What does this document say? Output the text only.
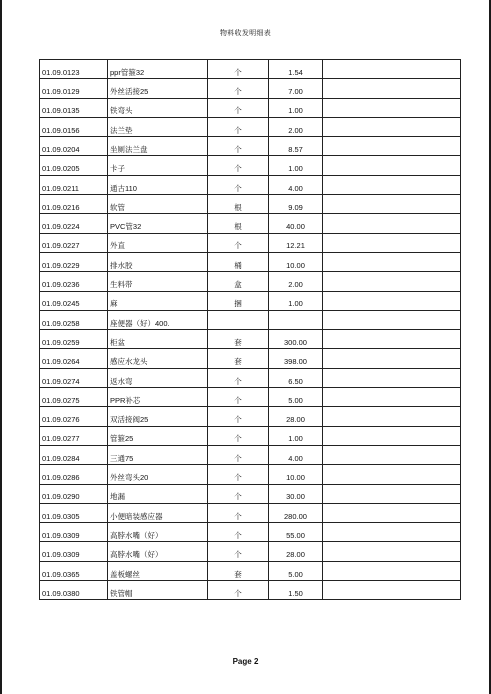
物料收发明细表
01.09.0123	ppr管箍32	个	1.54	
01.09.0129	外丝活接25	个	7.00	
01.09.0135	铁弯头	个	1.00	
01.09.0156	法兰垫	个	2.00	
01.09.0204	坐厕法兰盘	个	8.57	
01.09.0205	卡子	个	1.00	
01.09.0211	通古110	个	4.00	
01.09.0216	软管	根	9.09	
01.09.0224	PVC管32	根	40.00	
01.09.0227	外直	个	12.21	
01.09.0229	排水胶	桶	10.00	
01.09.0236	生料带	盒	2.00	
01.09.0245	麻	捆	1.00	
01.09.0258	座便器（好）400.			
01.09.0259	柜盆	套	300.00	
01.09.0264	感应水龙头	套	398.00	
01.09.0274	返水弯	个	6.50	
01.09.0275	PPR补芯	个	5.00	
01.09.0276	双活接阀25	个	28.00	
01.09.0277	管箍25	个	1.00	
01.09.0284	三通75	个	4.00	
01.09.0286	外丝弯头20	个	10.00	
01.09.0290	地漏	个	30.00	
01.09.0305	小便暗装感应器	个	280.00	
01.09.0309	高脖水嘴（好）	个	55.00	
01.09.0309	高脖水嘴（好）	个	28.00	
01.09.0365	盖板螺丝	套	5.00	
01.09.0380	铁管帽	个	1.50	
Page 2
